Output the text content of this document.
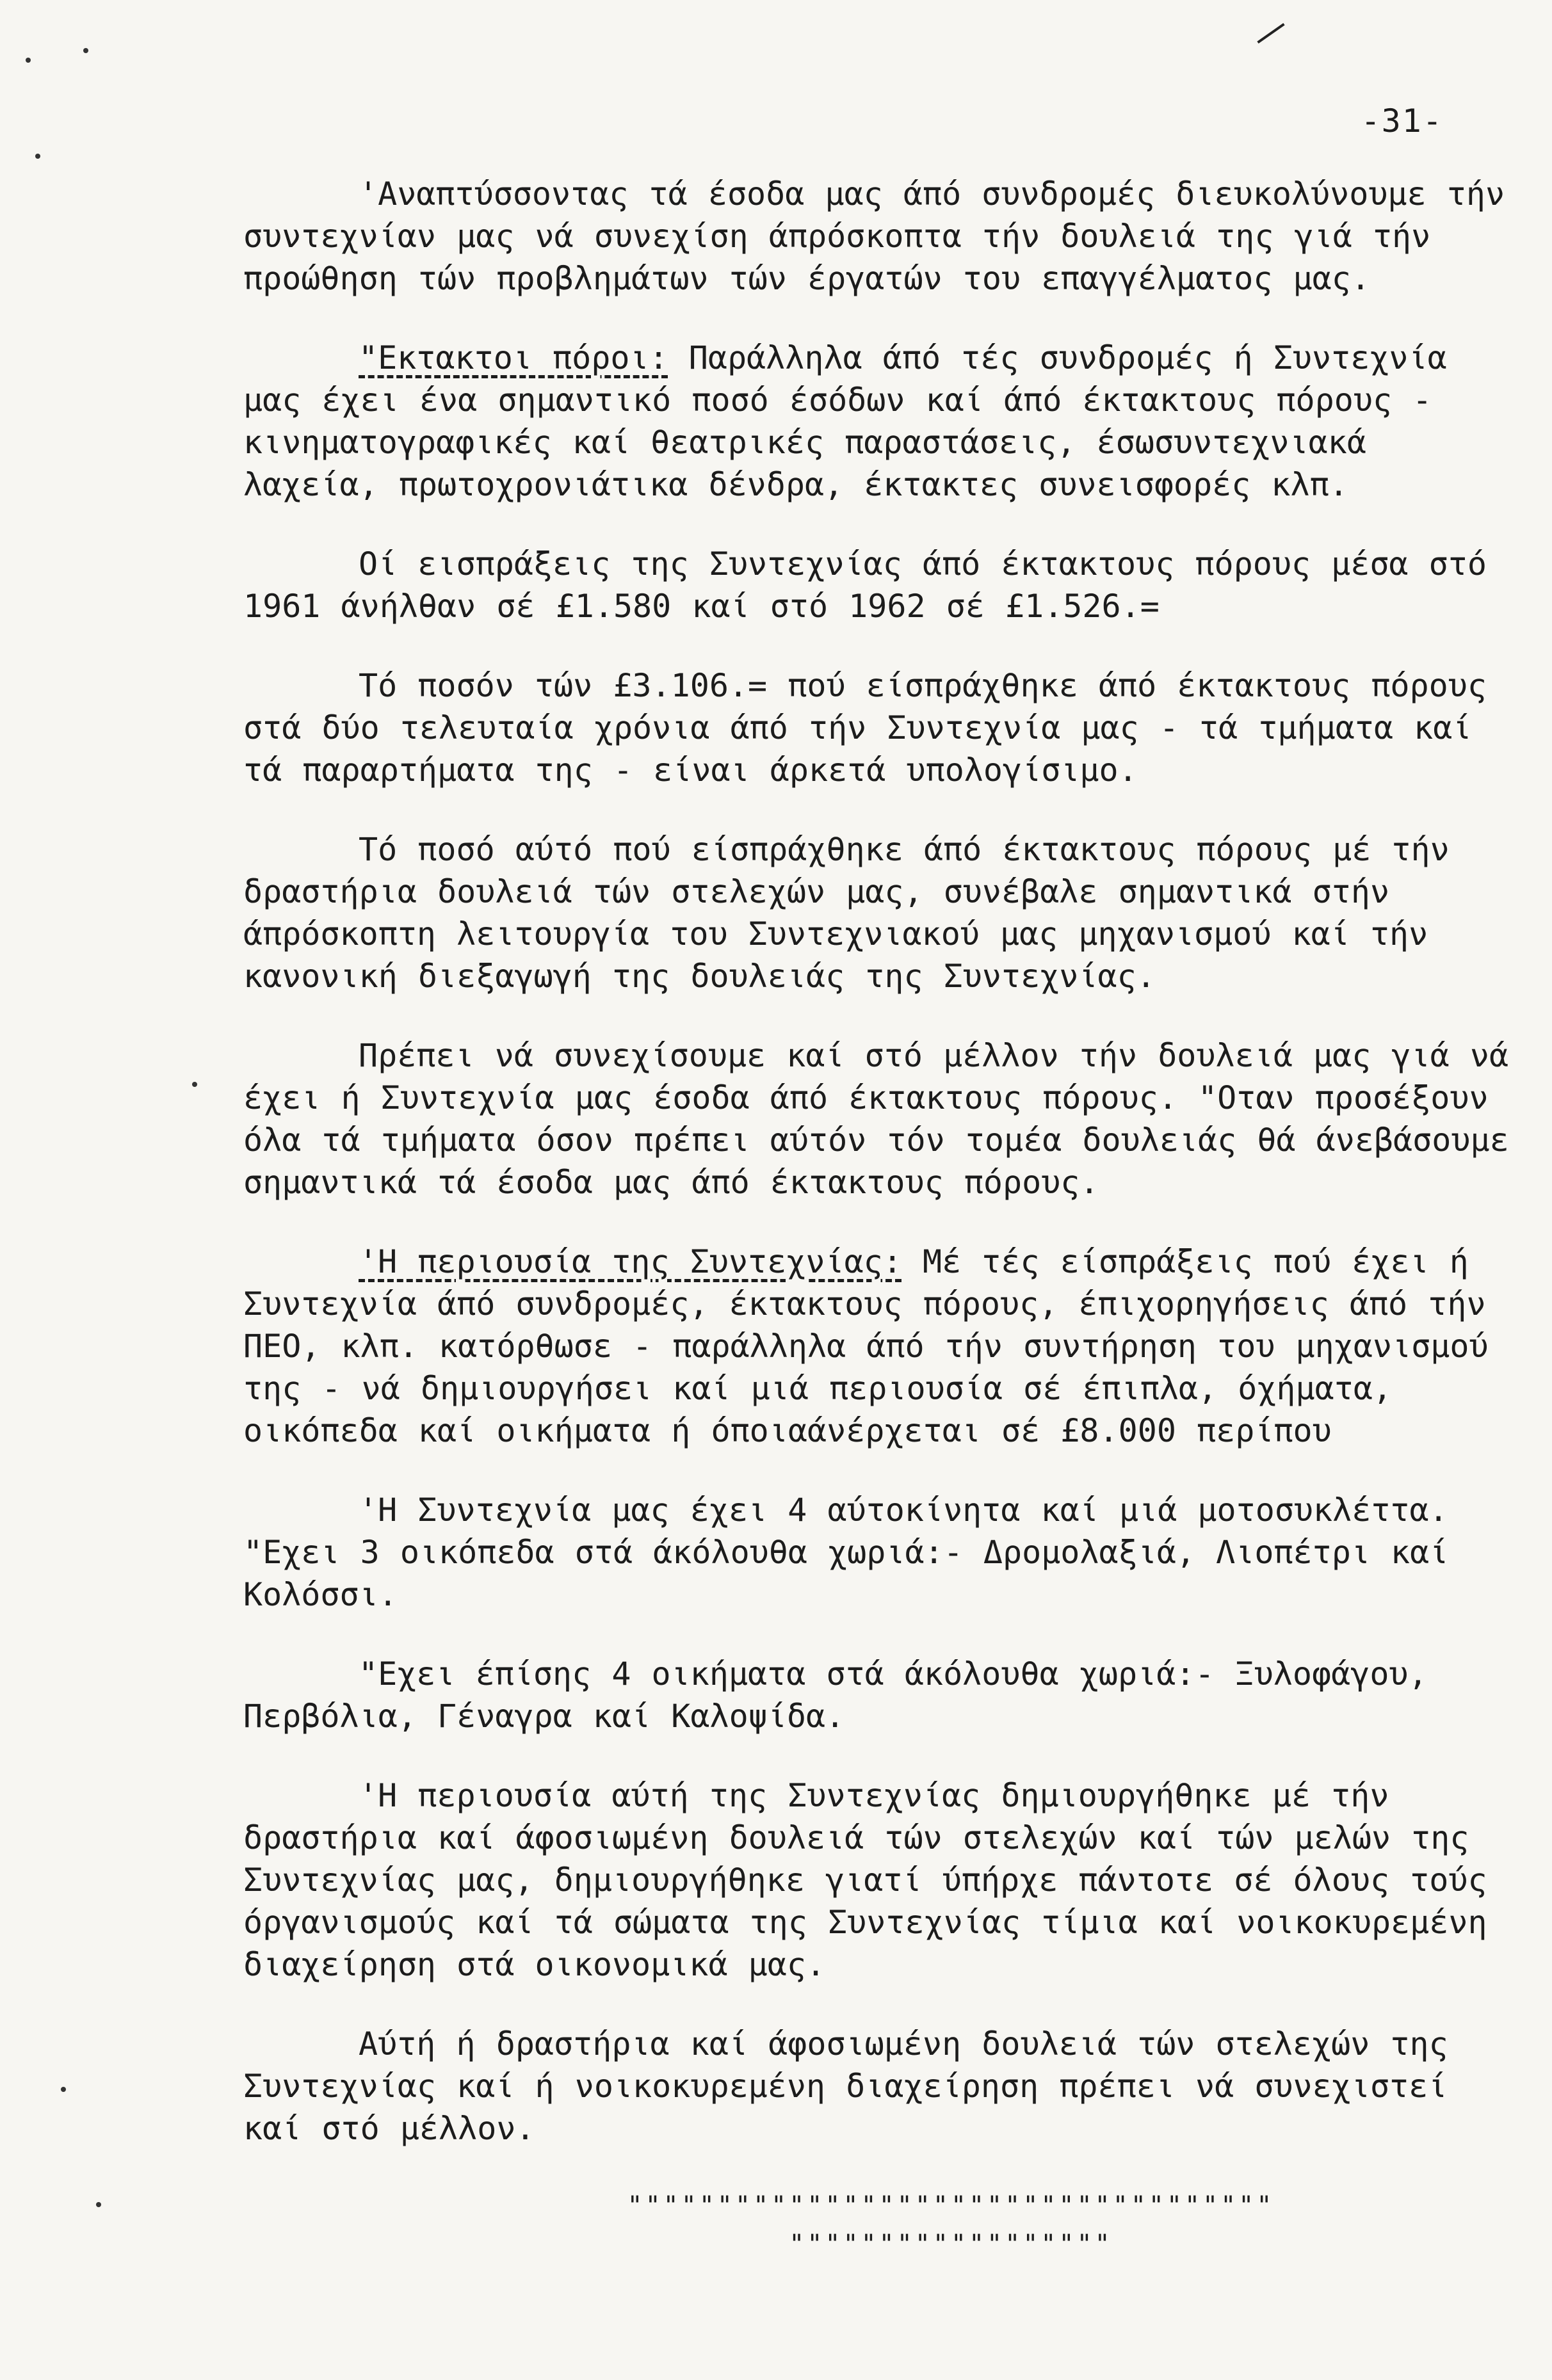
-31-

'Αναπτύσσοντας τά έσοδα μας άπό συνδρομές διευκολύνουμε τήν συντεχνίαν μας νά συνεχίση άπρόσκοπτα τήν δουλειά της γιά τήν προώθηση τών προβλημάτων τών έργατών του επαγγέλματος μας.

"Εκτακτοι πόροι: Παράλληλα άπό τές συνδρομές ή Συντεχνία μας έχει ένα σημαντικό ποσό έσόδων καί άπό έκτακτους πόρους - κινηματογραφικές καί θεατρικές παραστάσεις, έσωσυντεχνιακά λαχεία, πρωτοχρονιάτικα δένδρα, έκτακτες συνεισφορές κλπ.

Οί εισπράξεις της Συντεχνίας άπό έκτακτους πόρους μέσα στό 1961 άνήλθαν σέ £1.580 καί στό 1962 σέ £1.526.=

Τό ποσόν τών £3.106.= πού είσπράχθηκε άπό έκτακτους πόρους στά δύο τελευταία χρόνια άπό τήν Συντεχνία μας - τά τμήματα καί τά παραρτήματα της - είναι άρκετά υπολογίσιμο.

Τό ποσό αύτό πού είσπράχθηκε άπό έκτακτους πόρους μέ τήν δραστήρια δουλειά τών στελεχών μας, συνέβαλε σημαντικά στήν άπρόσκοπτη λειτουργία του Συντεχνιακού μας μηχανισμού καί τήν κανονική διεξαγωγή της δουλειάς της Συντεχνίας.

Πρέπει νά συνεχίσουμε καί στό μέλλον τήν δουλειά μας γιά νά έχει ή Συντεχνία μας έσοδα άπό έκτακτους πόρους. "Οταν προσέξουν όλα τά τμήματα όσον πρέπει αύτόν τόν τομέα δουλειάς θά άνεβάσουμε σημαντικά τά έσοδα μας άπό έκτακτους πόρους.

'Η περιουσία της Συντεχνίας: Μέ τές είσπράξεις πού έχει ή Συντεχνία άπό συνδρομές, έκτακτους πόρους, έπιχορηγήσεις άπό τήν ΠΕΟ, κλπ. κατόρθωσε - παράλληλα άπό τήν συντήρηση του μηχανισμού της - νά δημιουργήσει καί μιά περιουσία σέ έπιπλα, όχήματα, οικόπεδα καί οικήματα ή όποιαάνέρχεται σέ £8.000 περίπου

'Η Συντεχνία μας έχει 4 αύτοκίνητα καί μιά μοτοσυκλέττα. "Εχει 3 οικόπεδα στά άκόλουθα χωριά:- Δρομολαξιά, Λιοπέτρι καί Κολόσσι.

"Εχει έπίσης 4 οικήματα στά άκόλουθα χωριά:- Ξυλοφάγου, Περβόλια, Γέναγρα καί Καλοψίδα.

'Η περιουσία αύτή της Συντεχνίας δημιουργήθηκε μέ τήν δραστήρια καί άφοσιωμένη δουλειά τών στελεχών καί τών μελών της Συντεχνίας μας, δημιουργήθηκε γιατί ύπήρχε πάντοτε σέ όλους τούς όργανισμούς καί τά σώματα της Συντεχνίας τίμια καί νοικοκυρεμένη διαχείρηση στά οικονομικά μας.

Αύτή ή δραστήρια καί άφοσιωμένη δουλειά τών στελεχών της Συντεχνίας καί ή νοικοκυρεμένη διαχείρηση πρέπει νά συνεχιστεί καί στό μέλλον.

""""""""""""""""""""""""""""""""""""
""""""""""""""""""
